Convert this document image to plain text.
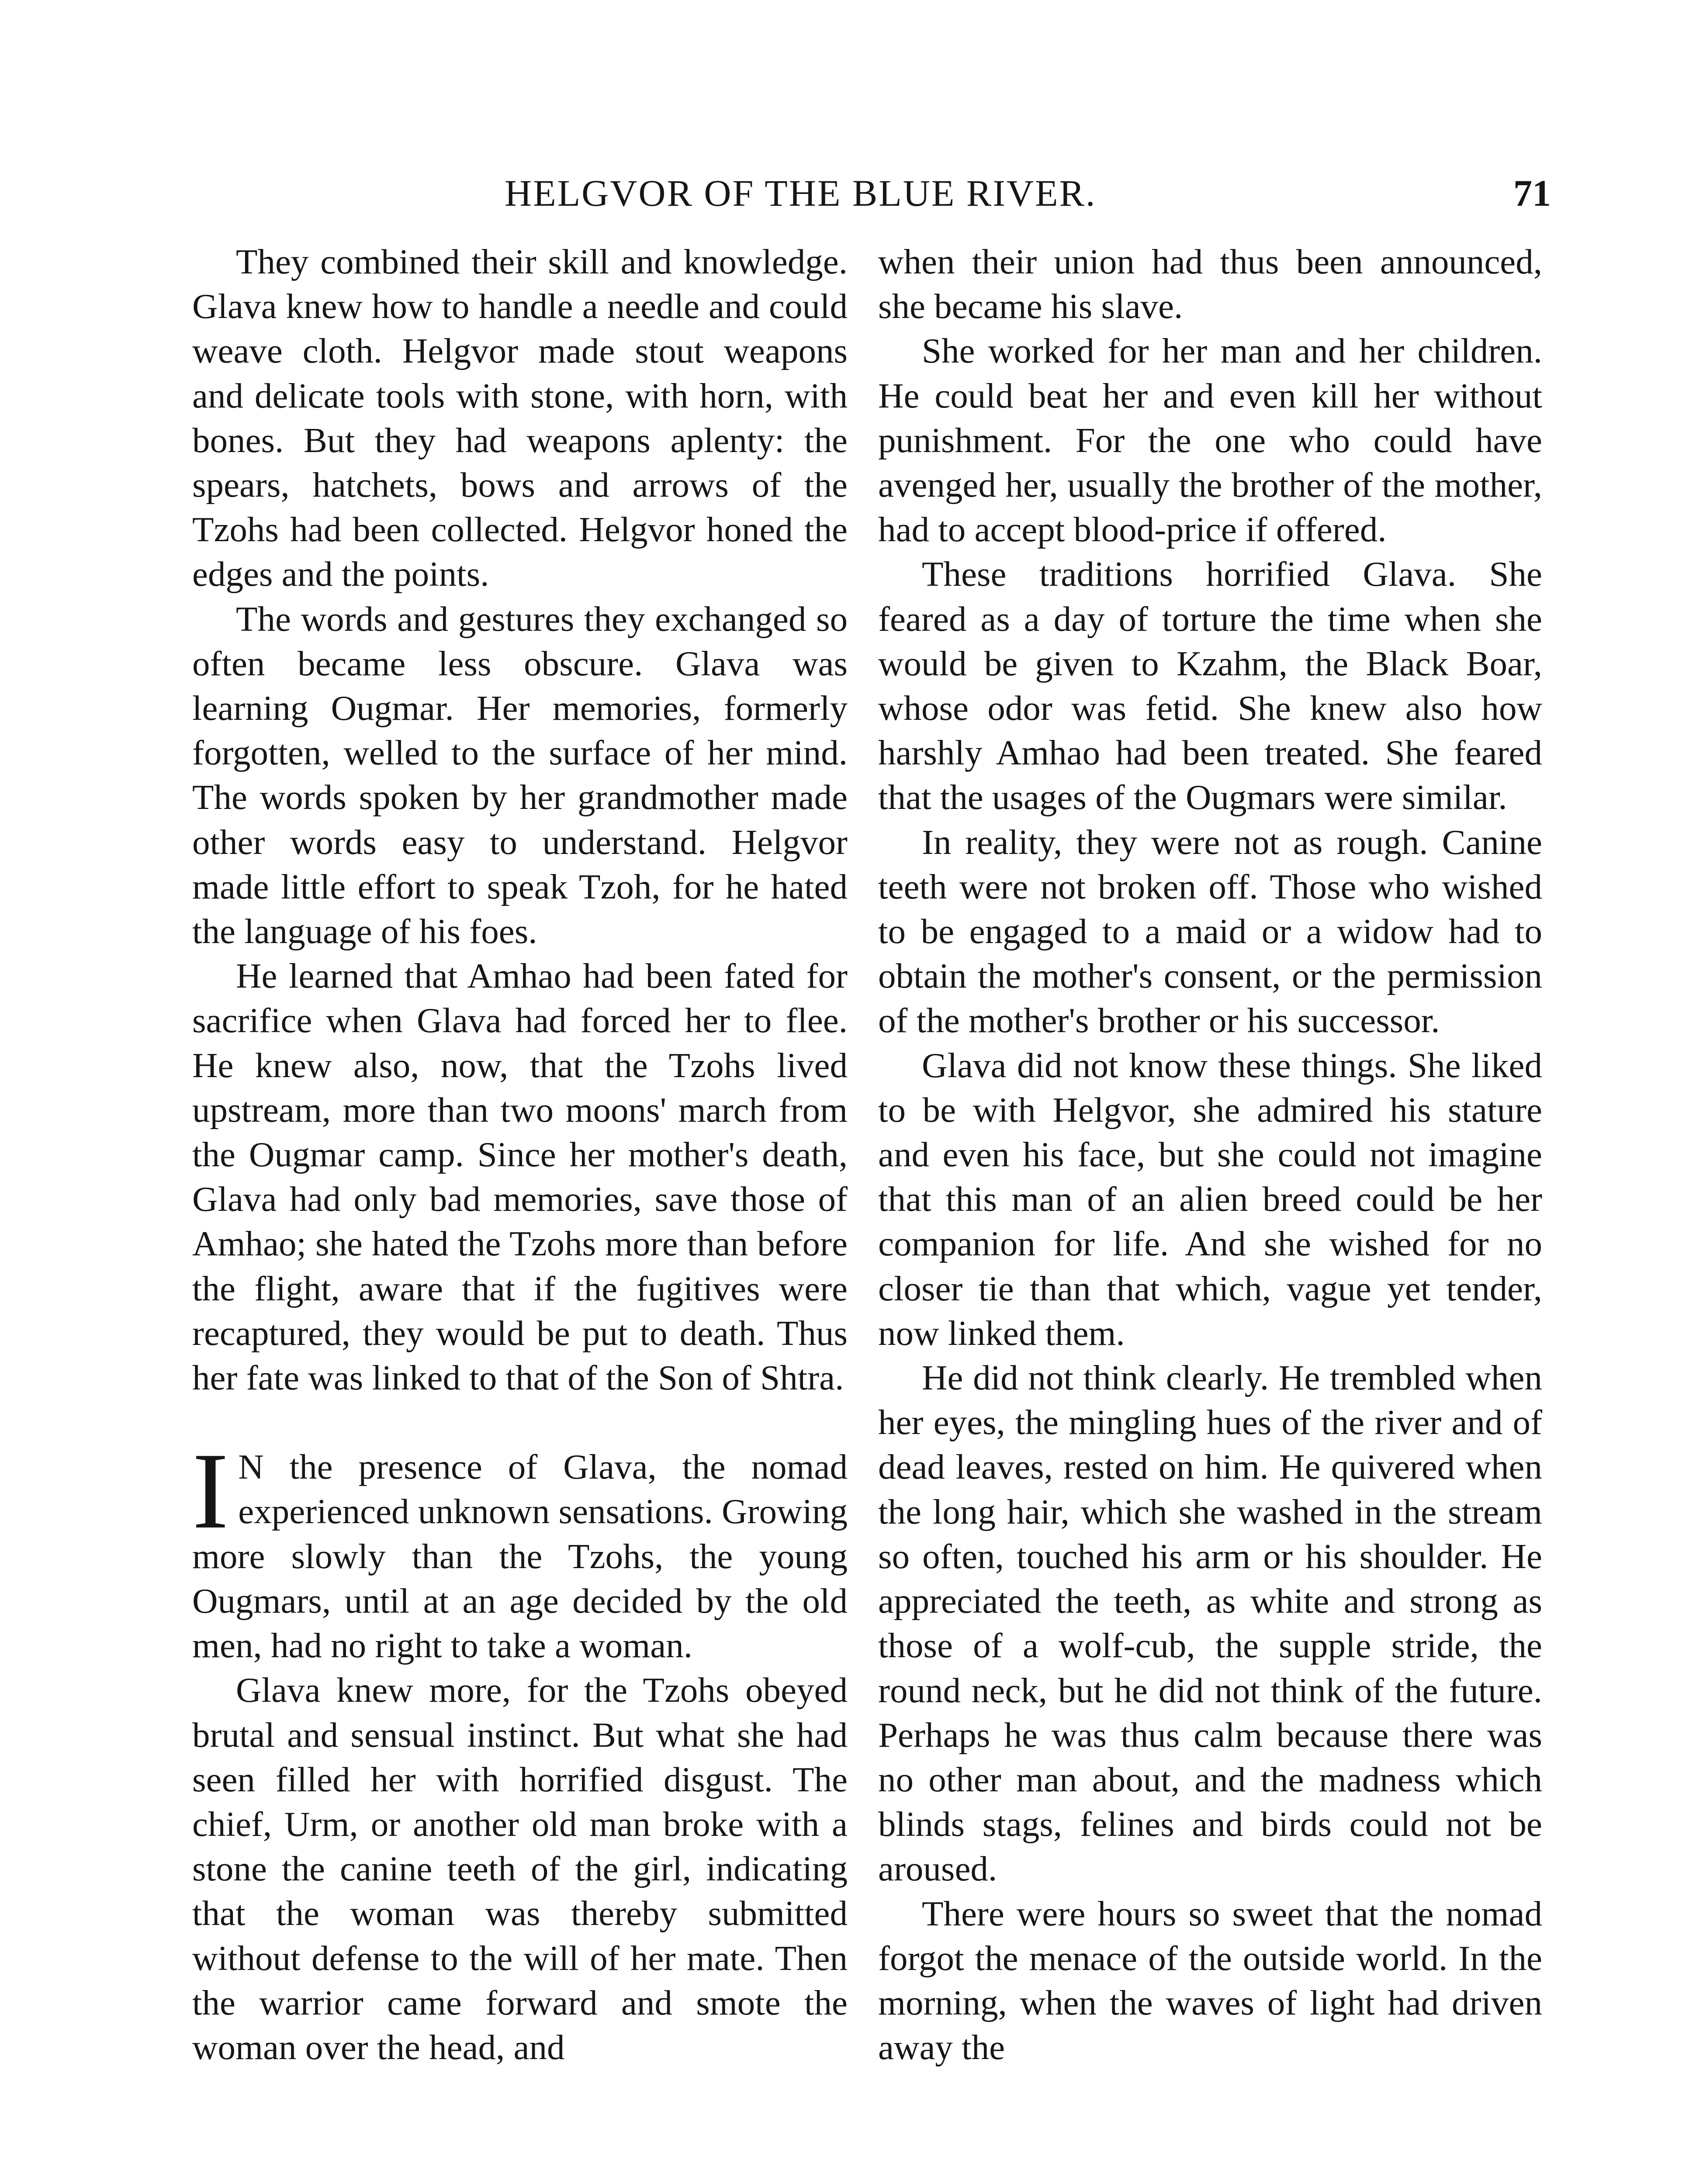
HELGVOR OF THE BLUE RIVER.	71

They combined their skill and knowledge. Glava knew how to handle a needle and could weave cloth. Helgvor made stout weapons and delicate tools with stone, with horn, with bones. But they had weapons aplenty: the spears, hatchets, bows and arrows of the Tzohs had been collected. Helgvor honed the edges and the points.

The words and gestures they exchanged so often became less obscure. Glava was learning Ougmar. Her memories, formerly forgotten, welled to the surface of her mind. The words spoken by her grandmother made other words easy to understand. Helgvor made little effort to speak Tzoh, for he hated the language of his foes.

He learned that Amhao had been fated for sacrifice when Glava had forced her to flee. He knew also, now, that the Tzohs lived upstream, more than two moons' march from the Ougmar camp. Since her mother's death, Glava had only bad memories, save those of Amhao; she hated the Tzohs more than before the flight, aware that if the fugitives were recaptured, they would be put to death. Thus her fate was linked to that of the Son of Shtra.

I N the presence of Glava, the nomad experienced unknown sensations. Growing more slowly than the Tzohs, the young Ougmars, until at an age decided by the old men, had no right to take a woman.

Glava knew more, for the Tzohs obeyed brutal and sensual instinct. But what she had seen filled her with horrified disgust. The chief, Urm, or another old man broke with a stone the canine teeth of the girl, indicating that the woman was thereby submitted without defense to the will of her mate. Then the warrior came forward and smote the woman over the head, and

when their union had thus been announced, she became his slave.

She worked for her man and her children. He could beat her and even kill her without punishment. For the one who could have avenged her, usually the brother of the mother, had to accept blood-price if offered.

These traditions horrified Glava. She feared as a day of torture the time when she would be given to Kzahm, the Black Boar, whose odor was fetid. She knew also how harshly Amhao had been treated. She feared that the usages of the Ougmars were similar.

In reality, they were not as rough. Canine teeth were not broken off. Those who wished to be engaged to a maid or a widow had to obtain the mother's consent, or the permission of the mother's brother or his successor.

Glava did not know these things. She liked to be with Helgvor, she admired his stature and even his face, but she could not imagine that this man of an alien breed could be her companion for life. And she wished for no closer tie than that which, vague yet tender, now linked them.

He did not think clearly. He trembled when her eyes, the mingling hues of the river and of dead leaves, rested on him. He quivered when the long hair, which she washed in the stream so often, touched his arm or his shoulder. He appreciated the teeth, as white and strong as those of a wolf-cub, the supple stride, the round neck, but he did not think of the future. Perhaps he was thus calm because there was no other man about, and the madness which blinds stags, felines and birds could not be aroused.

There were hours so sweet that the nomad forgot the menace of the outside world. In the morning, when the waves of light had driven away the
